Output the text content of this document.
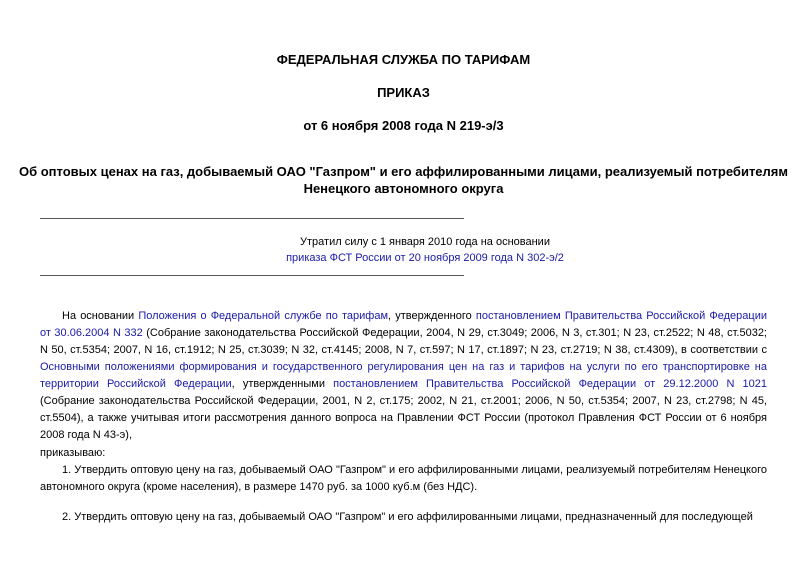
ФЕДЕРАЛЬНАЯ СЛУЖБА ПО ТАРИФАМ
ПРИКАЗ
от 6 ноября 2008 года N 219-э/3
Об оптовых ценах на газ, добываемый ОАО "Газпром" и его аффилированными лицами, реализуемый потребителям Ненецкого автономного округа
Утратил силу с 1 января 2010 года на основании
приказа ФСТ России от 20 ноября 2009 года N 302-э/2
На основании Положения о Федеральной службе по тарифам, утвержденного постановлением Правительства Российской Федерации от 30.06.2004 N 332 (Собрание законодательства Российской Федерации, 2004, N 29, ст.3049; 2006, N 3, ст.301; N 23, ст.2522; N 48, ст.5032; N 50, ст.5354; 2007, N 16, ст.1912; N 25, ст.3039; N 32, ст.4145; 2008, N 7, ст.597; N 17, ст.1897; N 23, ст.2719; N 38, ст.4309), в соответствии с Основными положениями формирования и государственного регулирования цен на газ и тарифов на услуги по его транспортировке на территории Российской Федерации, утвержденными постановлением Правительства Российской Федерации от 29.12.2000 N 1021 (Собрание законодательства Российской Федерации, 2001, N 2, ст.175; 2002, N 21, ст.2001; 2006, N 50, ст.5354; 2007, N 23, ст.2798; N 45, ст.5504), а также учитывая итоги рассмотрения данного вопроса на Правлении ФСТ России (протокол Правления ФСТ России от 6 ноября 2008 года N 43-э),
приказываю:
1. Утвердить оптовую цену на газ, добываемый ОАО "Газпром" и его аффилированными лицами, реализуемый потребителям Ненецкого автономного округа (кроме населения), в размере 1470 руб. за 1000 куб.м (без НДС).
2. Утвердить оптовую цену на газ, добываемый ОАО "Газпром" и его аффилированными лицами, предназначенный для последующей
